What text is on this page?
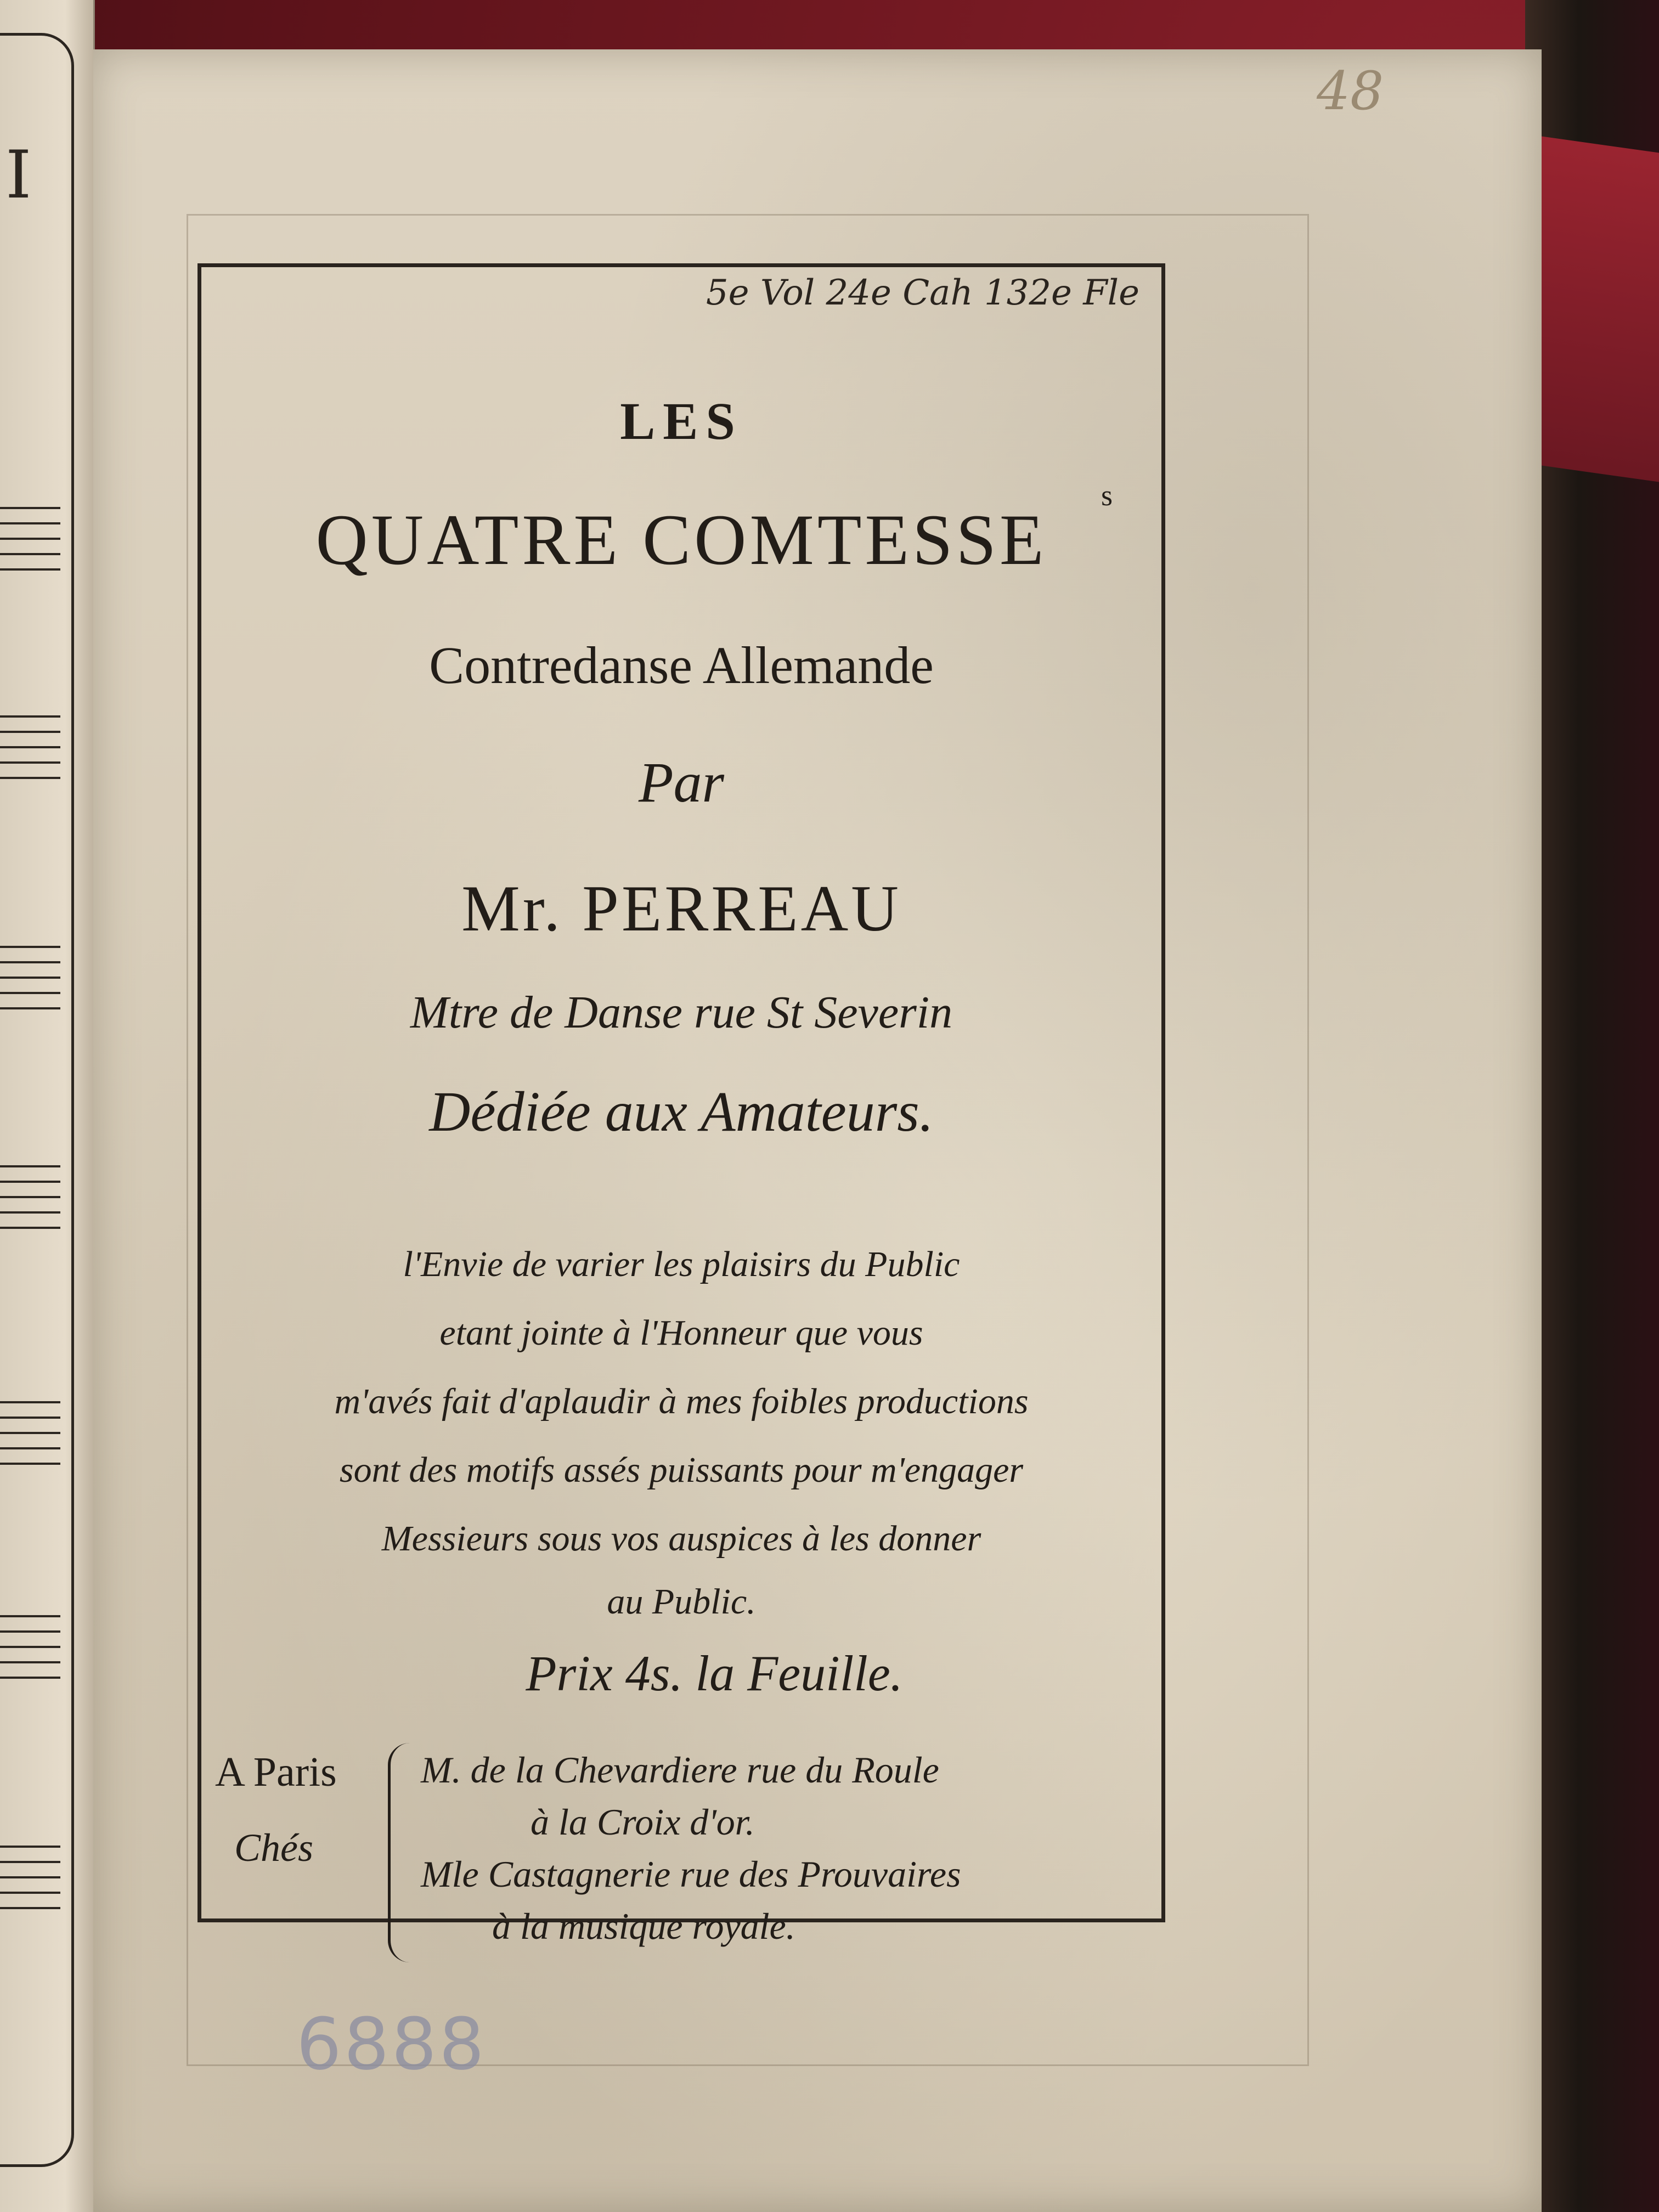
I
48
5e Vol 24e Cah 132e Fle
LES
QUATRE COMTESSE
s
Contredanse Allemande
Par
Mr. PERREAU
Mtre de Danse rue St Severin
Dédiée aux Amateurs.
l'Envie de varier les plaisirs du Public
etant jointe à l'Honneur que vous
m'avés fait d'aplaudir à mes foibles productions
sont des motifs assés puissants pour m'engager
Messieurs sous vos auspices à les donner
au Public.
Prix 4s. la Feuille.
A Paris
Chés
M. de la Chevardiere rue du Roule
à la Croix d'or.
Mle Castagnerie rue des Prouvaires
à la musique royale.
6888
